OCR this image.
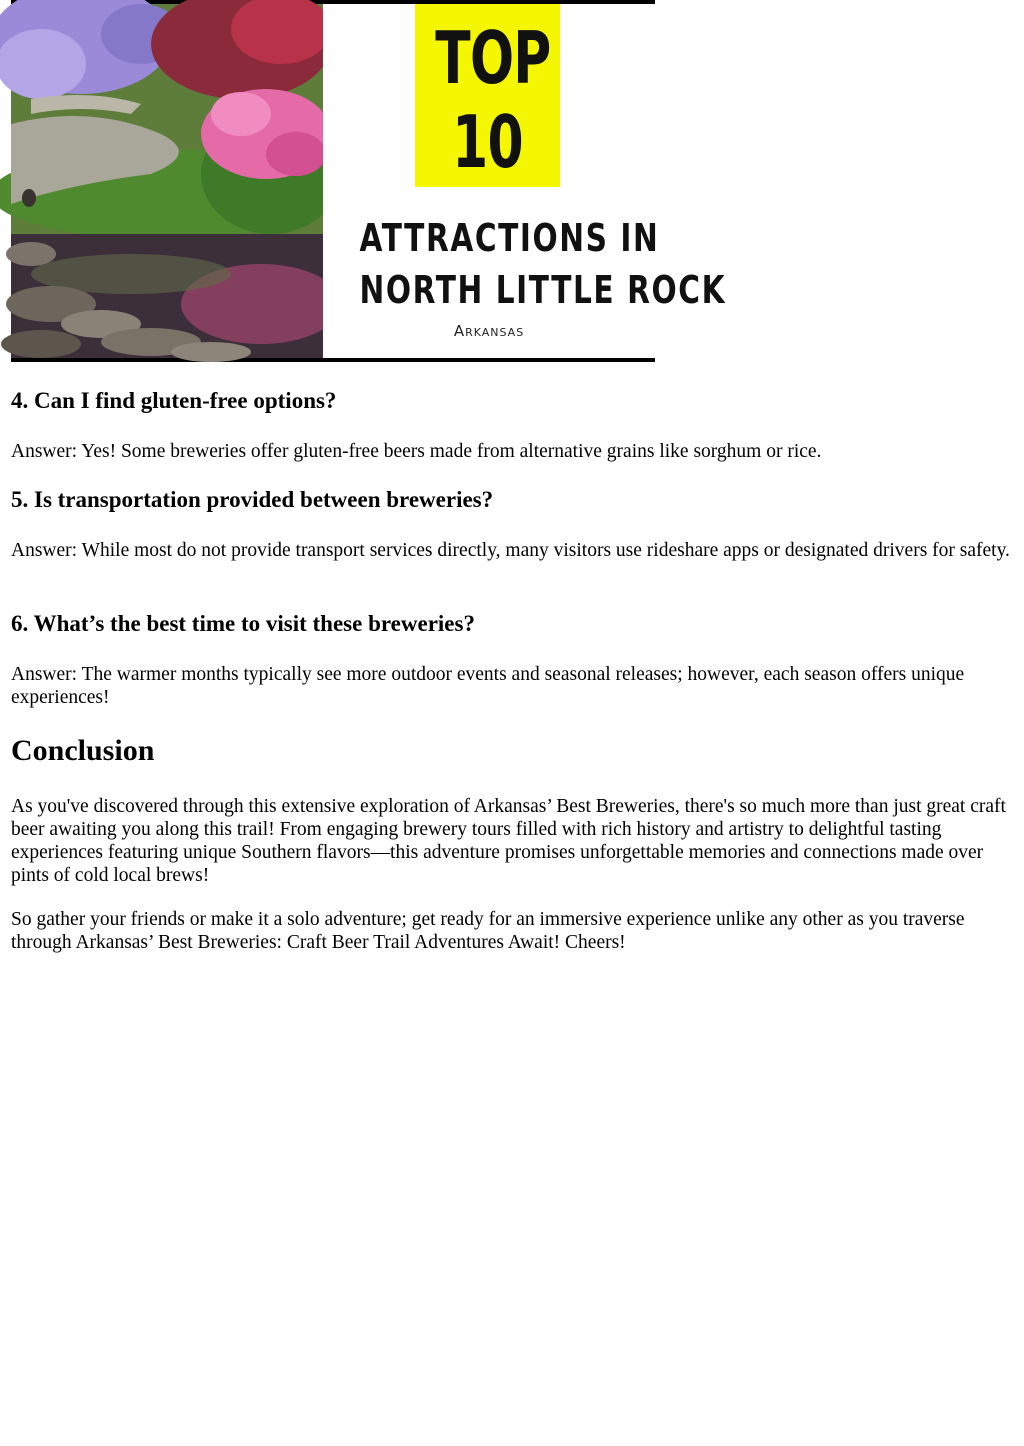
TOP
10
ATTRACTIONS IN
NORTH LITTLE ROCK
Arkansas
4. Can I find gluten-free options?

Answer: Yes! Some breweries offer gluten-free beers made from alternative grains like sorghum or rice.

5. Is transportation provided between breweries?

Answer: While most do not provide transport services directly, many visitors use rideshare apps or designated drivers for safety.

6. What’s the best time to visit these breweries?

Answer: The warmer months typically see more outdoor events and seasonal releases; however, each season offers unique experiences!

Conclusion

As you've discovered through this extensive exploration of Arkansas’ Best Breweries, there's so much more than just great craft beer awaiting you along this trail! From engaging brewery tours filled with rich history and artistry to delightful tasting experiences featuring unique Southern flavors—this adventure promises unforgettable memories and connections made over pints of cold local brews!

So gather your friends or make it a solo adventure; get ready for an immersive experience unlike any other as you traverse through Arkansas’ Best Breweries: Craft Beer Trail Adventures Await! Cheers!
